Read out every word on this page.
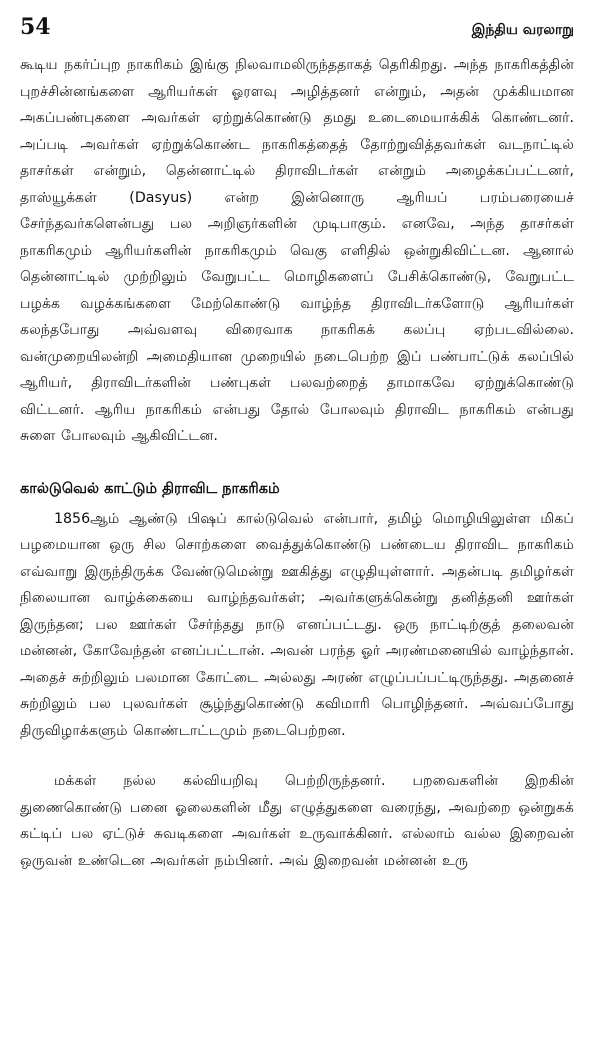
54	இந்திய வரலாறு

கூடிய நகர்ப்புற நாகரிகம் இங்கு நிலவாமலிருந்ததாகத் தெரிகிறது. அந்த நாகரிகத்தின் புறச்சின்னங்களை ஆரியர்கள் ஓரளவு அழித்தனர் என்றும், அதன் முக்கியமான அகப்பண்புகளை அவர்கள் ஏற்றுக்கொண்டு தமது உடைமையாக்கிக் கொண்டனர். அப்படி அவர்கள் ஏற்றுக்கொண்ட நாகரிகத்தைத் தோற்றுவித்தவர்கள் வடநாட்டில் தாசர்கள் என்றும், தென்னாட்டில் திராவிடர்கள் என்றும் அழைக்கப்பட்டனர், தாஸ்யூக்கள் (Dasyus) என்ற இன்னொரு ஆரியப் பரம்பரையைச் சேர்ந்தவர்களென்பது பல அறிஞர்களின் முடிபாகும். எனவே, அந்த தாசர்கள் நாகரிகமும் ஆரியர்களின் நாகரிகமும் வெகு எளிதில் ஒன்றுகிவிட்டன. ஆனால் தென்னாட்டில் முற்றிலும் வேறுபட்ட மொழிகளைப் பேசிக்கொண்டு, வேறுபட்ட பழக்க வழக்கங்களை மேற்கொண்டு வாழ்ந்த திராவிடர்களோடு ஆரியர்கள் கலந்தபோது அவ்வளவு விரைவாக நாகரிகக் கலப்பு ஏற்படவில்லை. வன்முறையிலன்றி அமைதியான முறையில் நடைபெற்ற இப் பண்பாட்டுக் கலப்பில் ஆரியர், திராவிடர்களின் பண்புகள் பலவற்றைத் தாமாகவே ஏற்றுக்கொண்டு விட்டனர். ஆரிய நாகரிகம் என்பது தோல் போலவும் திராவிட நாகரிகம் என்பது சுளை போலவும் ஆகிவிட்டன.

கால்டுவெல் காட்டும் திராவிட நாகரிகம்

1856ஆம் ஆண்டு பிஷப் கால்டுவெல் என்பார், தமிழ் மொழியிலுள்ள மிகப் பழமையான ஒரு சில சொற்களை வைத்துக்கொண்டு பண்டைய திராவிட நாகரிகம் எவ்வாறு இருந்திருக்க வேண்டுமென்று ஊகித்து எழுதியுள்ளார். அதன்படி தமிழர்கள் நிலையான வாழ்க்கையை வாழ்ந்தவர்கள்; அவர்களுக்கென்று தனித்தனி ஊர்கள் இருந்தன; பல ஊர்கள் சேர்ந்தது நாடு எனப்பட்டது. ஒரு நாட்டிற்குத் தலைவன் மன்னன், கோவேந்தன் எனப்பட்டான். அவன் பரந்த ஓர் அரண்மனையில் வாழ்ந்தான். அதைச் சுற்றிலும் பலமான கோட்டை அல்லது அரண் எழுப்பப்பட்டிருந்தது. அதனைச் சுற்றிலும் பல புலவர்கள் சூழ்ந்துகொண்டு கவிமாரி பொழிந்தனர். அவ்வப்போது திருவிழாக்களும் கொண்டாட்டமும் நடைபெற்றன.

மக்கள் நல்ல கல்வியறிவு பெற்றிருந்தனர். பறவைகளின் இறகின் துணைகொண்டு பனை ஓலைகளின் மீது எழுத்துகளை வரைந்து, அவற்றை ஒன்றுகக் கட்டிப் பல ஏட்டுச் சுவடிகளை அவர்கள் உருவாக்கினர். எல்லாம் வல்ல இறைவன் ஒருவன் உண்டென அவர்கள் நம்பினர். அவ் இறைவன் மன்னன் உரு
